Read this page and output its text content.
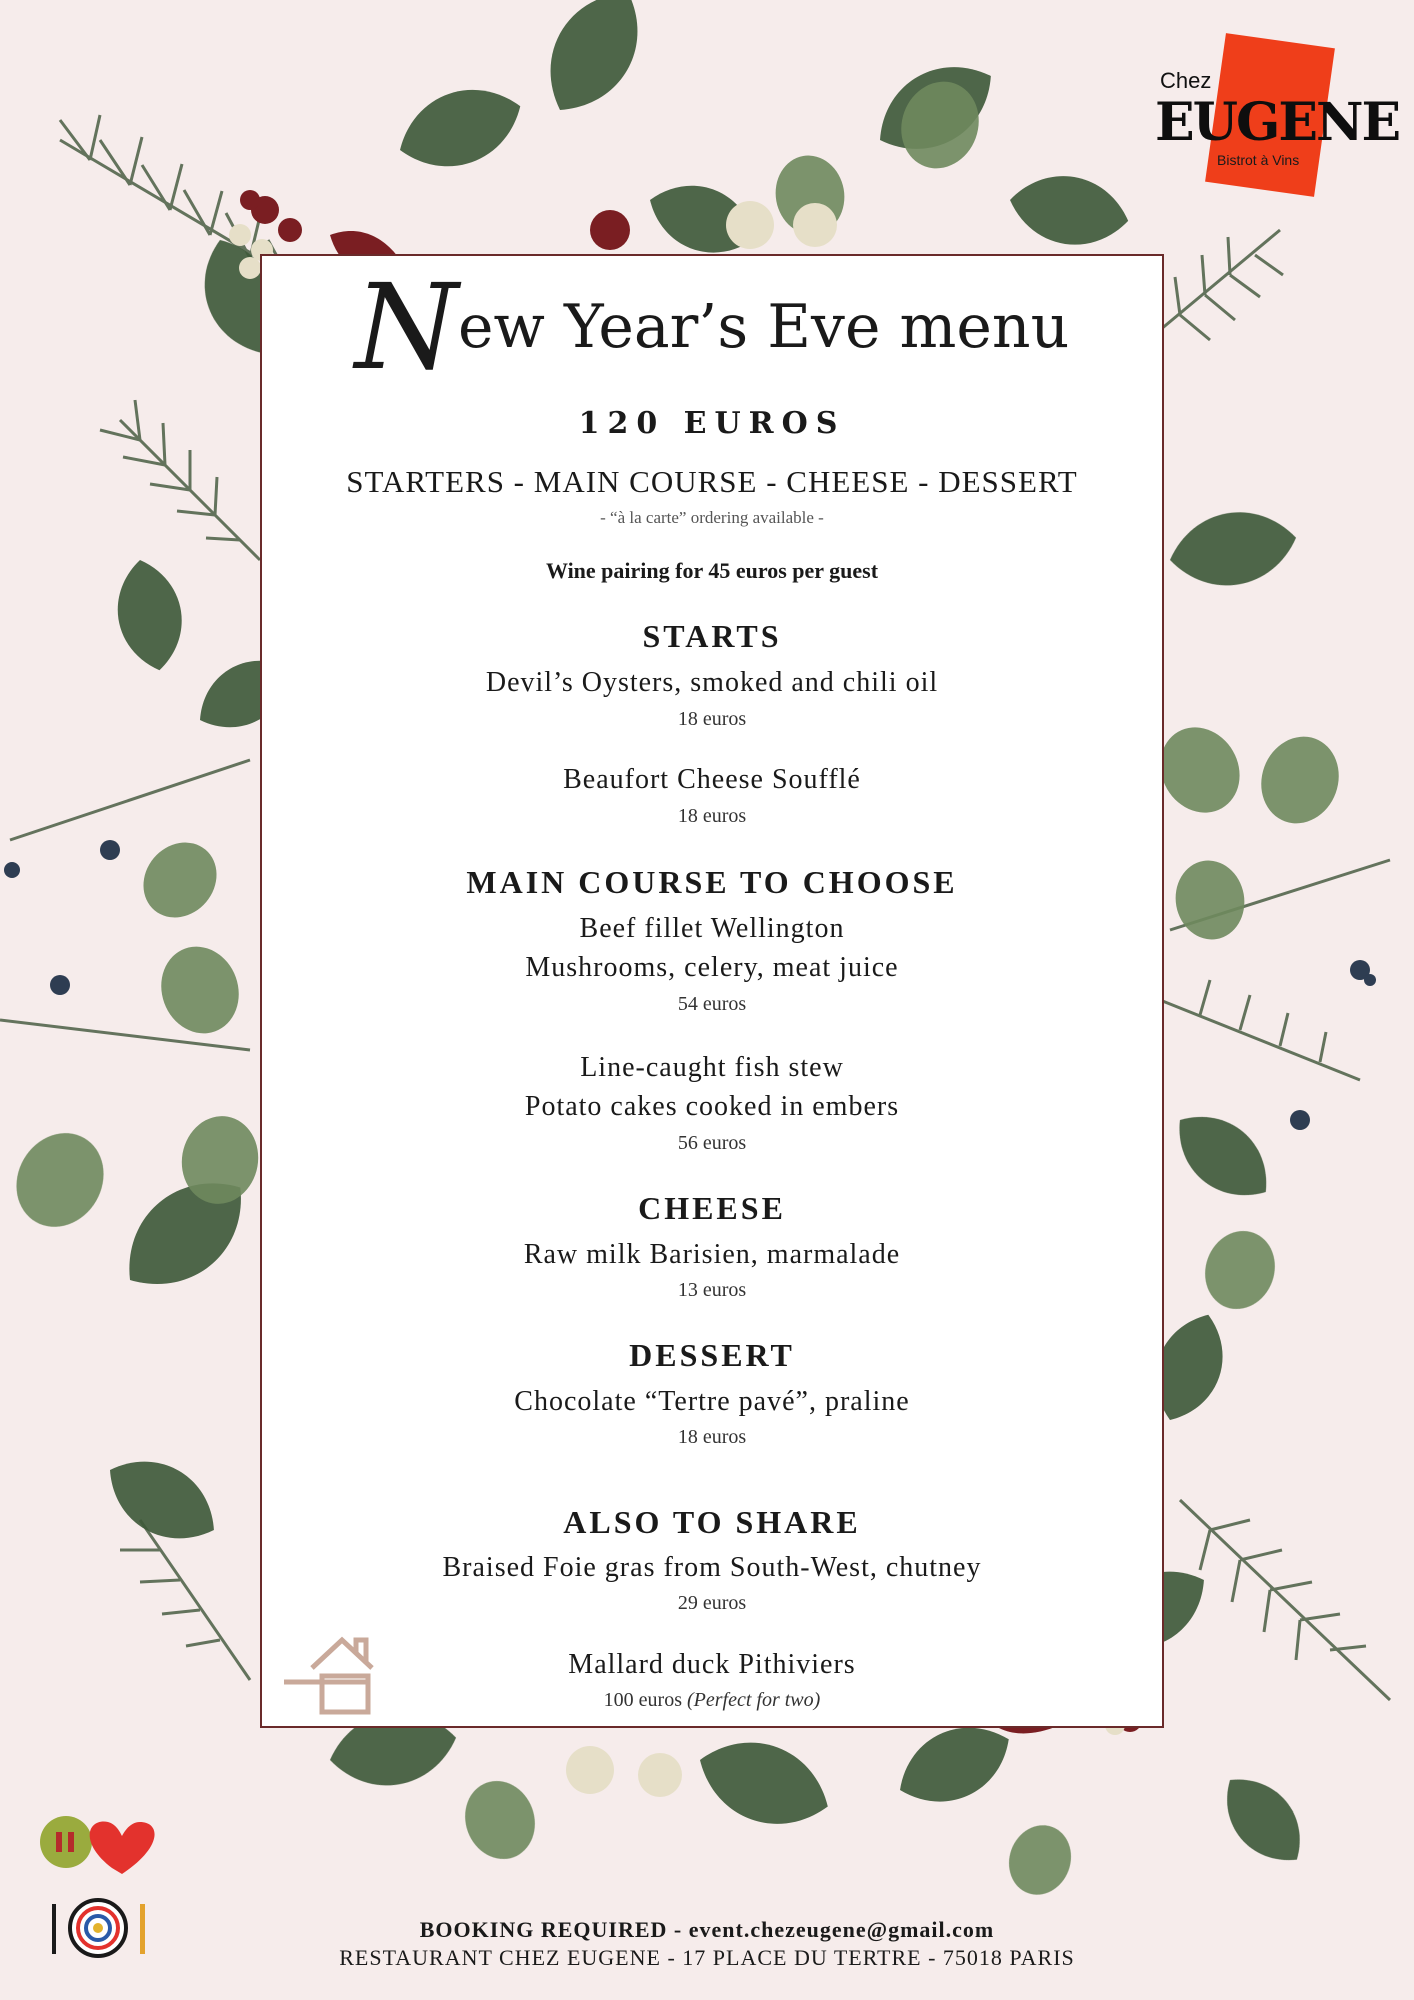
Chez
EUGENE
Bistrot à Vins
New Year’s Eve menu
120 EUROS
STARTERS - MAIN COURSE - CHEESE - DESSERT
- “à la carte” ordering available -
Wine pairing for 45 euros per guest
STARTS
Devil’s Oysters, smoked and chili oil
18 euros
Beaufort Cheese Soufflé
18 euros
MAIN COURSE TO CHOOSE
Beef fillet Wellington
Mushrooms, celery, meat juice
54 euros
Line-caught fish stew
Potato cakes cooked in embers
56 euros
CHEESE
Raw milk Barisien, marmalade
13 euros
DESSERT
Chocolate “Tertre pavé”, praline
18 euros
ALSO TO SHARE
Braised Foie gras from South-West, chutney
29 euros
Mallard duck Pithiviers
100 euros (Perfect for two)
BOOKING REQUIRED - event.chezeugene@gmail.com
RESTAURANT CHEZ EUGENE - 17 PLACE DU TERTRE - 75018 PARIS
